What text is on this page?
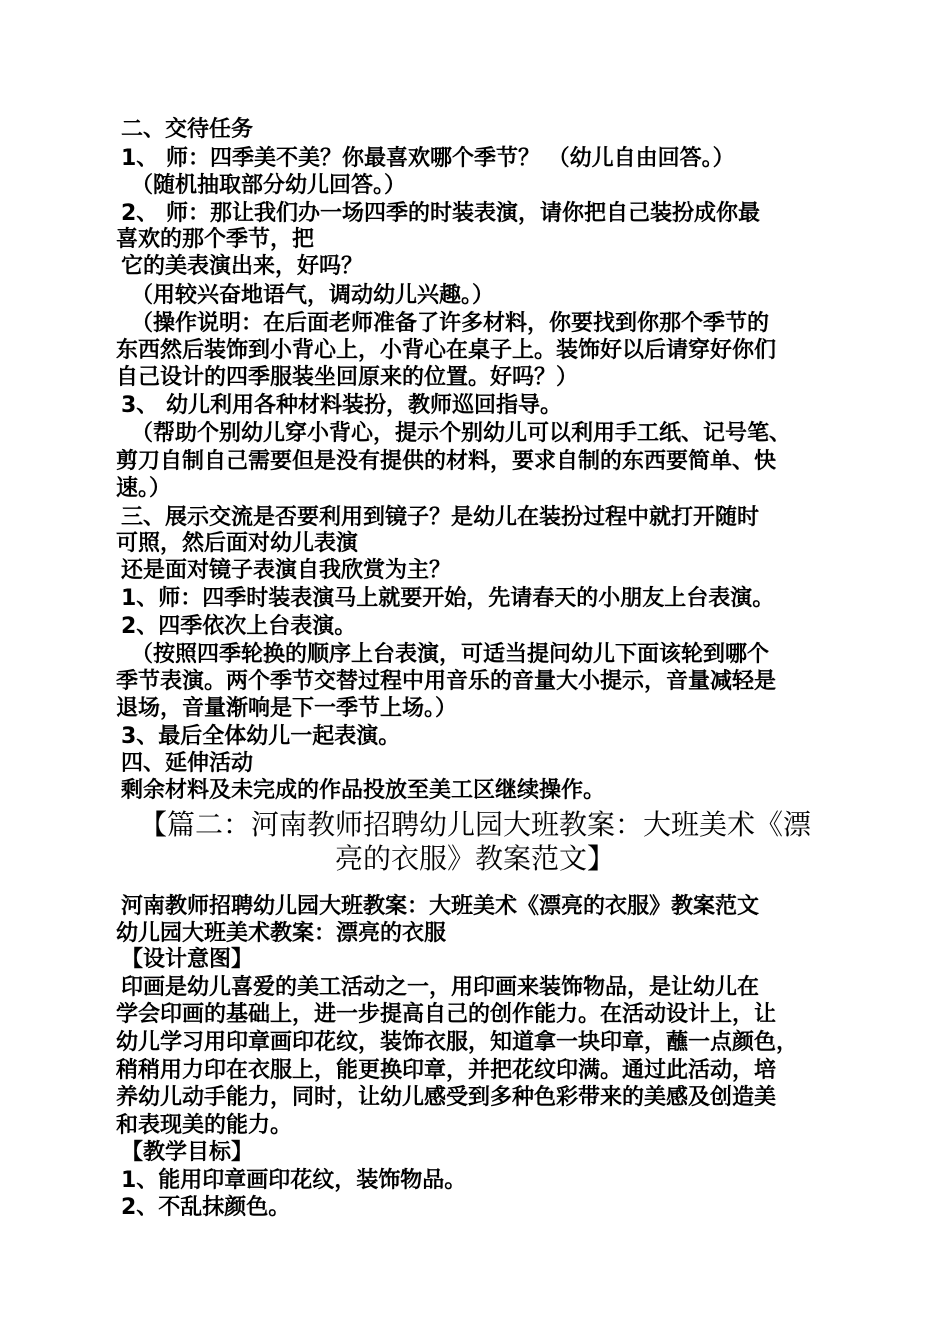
二、交待任务
1、 师：四季美不美？你最喜欢哪个季节？ （幼儿自由回答。）
（随机抽取部分幼儿回答。）
2、 师：那让我们办一场四季的时装表演，请你把自己装扮成你最
喜欢的那个季节，把
它的美表演出来，好吗？
（用较兴奋地语气，调动幼儿兴趣。）
（操作说明：在后面老师准备了许多材料，你要找到你那个季节的
东西然后装饰到小背心上，小背心在桌子上。装饰好以后请穿好你们
自己设计的四季服装坐回原来的位置。好吗？）
3、 幼儿利用各种材料装扮，教师巡回指导。
（帮助个别幼儿穿小背心，提示个别幼儿可以利用手工纸、记号笔、
剪刀自制自己需要但是没有提供的材料，要求自制的东西要简单、快
速。）
三、展示交流是否要利用到镜子？是幼儿在装扮过程中就打开随时
可照，然后面对幼儿表演
还是面对镜子表演自我欣赏为主？
1、师：四季时装表演马上就要开始，先请春天的小朋友上台表演。
2、四季依次上台表演。
（按照四季轮换的顺序上台表演，可适当提问幼儿下面该轮到哪个
季节表演。两个季节交替过程中用音乐的音量大小提示，音量减轻是
退场，音量渐响是下一季节上场。）
3、最后全体幼儿一起表演。
四、延伸活动
剩余材料及未完成的作品投放至美工区继续操作。
【篇二：河南教师招聘幼儿园大班教案：大班美术《漂
亮的衣服》教案范文】
河南教师招聘幼儿园大班教案：大班美术《漂亮的衣服》教案范文
幼儿园大班美术教案：漂亮的衣服
【设计意图】
印画是幼儿喜爱的美工活动之一，用印画来装饰物品，是让幼儿在
学会印画的基础上，进一步提高自己的创作能力。在活动设计上，让
幼儿学习用印章画印花纹，装饰衣服，知道拿一块印章，蘸一点颜色，
稍稍用力印在衣服上，能更换印章，并把花纹印满。通过此活动，培
养幼儿动手能力，同时，让幼儿感受到多种色彩带来的美感及创造美
和表现美的能力。
【教学目标】
1、能用印章画印花纹，装饰物品。
2、不乱抹颜色。
